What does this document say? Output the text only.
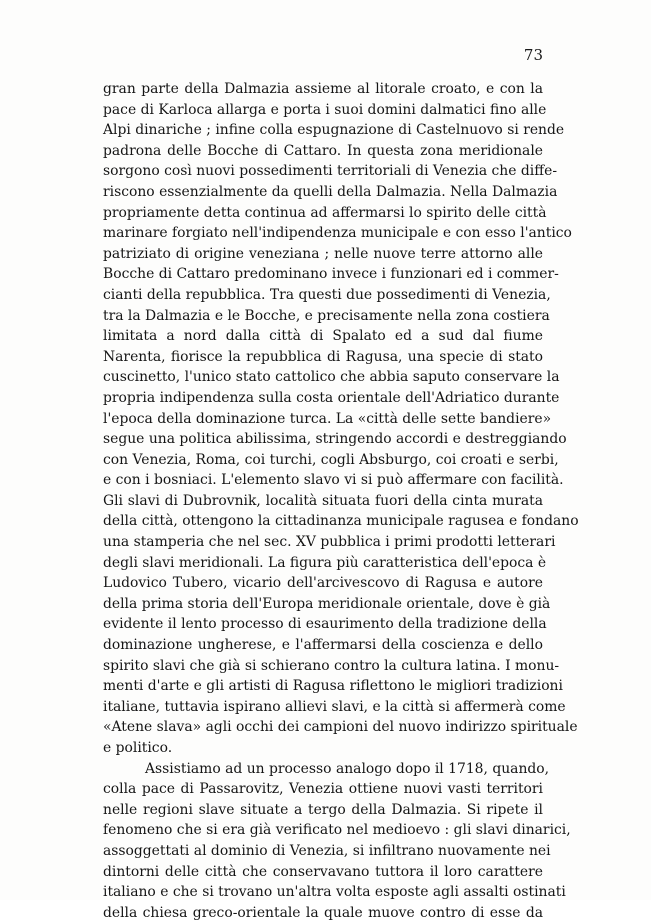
73
gran parte della Dalmazia assieme al litorale croato, e con la
pace di Karloca allarga e porta i suoi domini dalmatici fino alle
Alpi dinariche ; infine colla espugnazione di Castelnuovo si rende
padrona delle Bocche di Cattaro. In questa zona meridionale
sorgono così nuovi possedimenti territoriali di Venezia che diffe-
riscono essenzialmente da quelli della Dalmazia. Nella Dalmazia
propriamente detta continua ad affermarsi lo spirito delle città
marinare forgiato nell'indipendenza municipale e con esso l'antico
patriziato di origine veneziana ; nelle nuove terre attorno alle
Bocche di Cattaro predominano invece i funzionari ed i commer-
cianti della repubblica. Tra questi due possedimenti di Venezia,
tra la Dalmazia e le Bocche, e precisamente nella zona costiera
limitata a nord dalla città di Spalato ed a sud dal fiume
Narenta, fiorisce la repubblica di Ragusa, una specie di stato
cuscinetto, l'unico stato cattolico che abbia saputo conservare la
propria indipendenza sulla costa orientale dell'Adriatico durante
l'epoca della dominazione turca. La «città delle sette bandiere»
segue una politica abilissima, stringendo accordi e destreggiando
con Venezia, Roma, coi turchi, cogli Absburgo, coi croati e serbi,
e con i bosniaci. L'elemento slavo vi si può affermare con facilità.
Gli slavi di Dubrovnik, località situata fuori della cinta murata
della città, ottengono la cittadinanza municipale ragusea e fondano
una stamperia che nel sec. XV pubblica i primi prodotti letterari
degli slavi meridionali. La figura più caratteristica dell'epoca è
Ludovico Tubero, vicario dell'arcivescovo di Ragusa e autore
della prima storia dell'Europa meridionale orientale, dove è già
evidente il lento processo di esaurimento della tradizione della
dominazione ungherese, e l'affermarsi della coscienza e dello
spirito slavi che già si schierano contro la cultura latina. I monu-
menti d'arte e gli artisti di Ragusa riflettono le migliori tradizioni
italiane, tuttavia ispirano allievi slavi, e la città si affermerà come
«Atene slava» agli occhi dei campioni del nuovo indirizzo spirituale
e politico.
Assistiamo ad un processo analogo dopo il 1718, quando,
colla pace di Passarovitz, Venezia ottiene nuovi vasti territori
nelle regioni slave situate a tergo della Dalmazia. Si ripete il
fenomeno che si era già verificato nel medioevo : gli slavi dinarici,
assoggettati al dominio di Venezia, si infiltrano nuovamente nei
dintorni delle città che conservavano tuttora il loro carattere
italiano e che si trovano un'altra volta esposte agli assalti ostinati
della chiesa greco-orientale la quale muove contro di esse da
